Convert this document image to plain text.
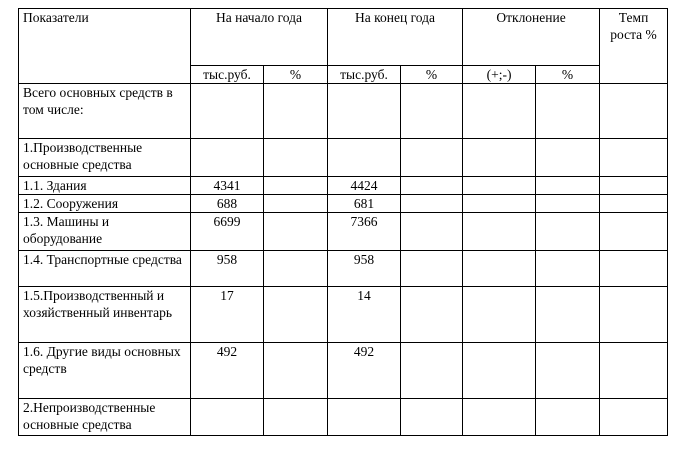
Показатели	На начало года		На конец года		Отклонение		Темп роста %
	тыс.руб.	%	тыс.руб.	%	(+;-)	%	
Всего основных средств в том числе:							
1.Производственные основные средства							
1.1. Здания	4341		4424				
1.2. Сооружения	688		681				
1.3. Машины и оборудование	6699		7366				
1.4. Транспортные средства	958		958				
1.5.Производственный и хозяйственный инвентарь	17		14				
1.6. Другие виды основных средств	492		492				
2.Непроизводственные основные средства							
